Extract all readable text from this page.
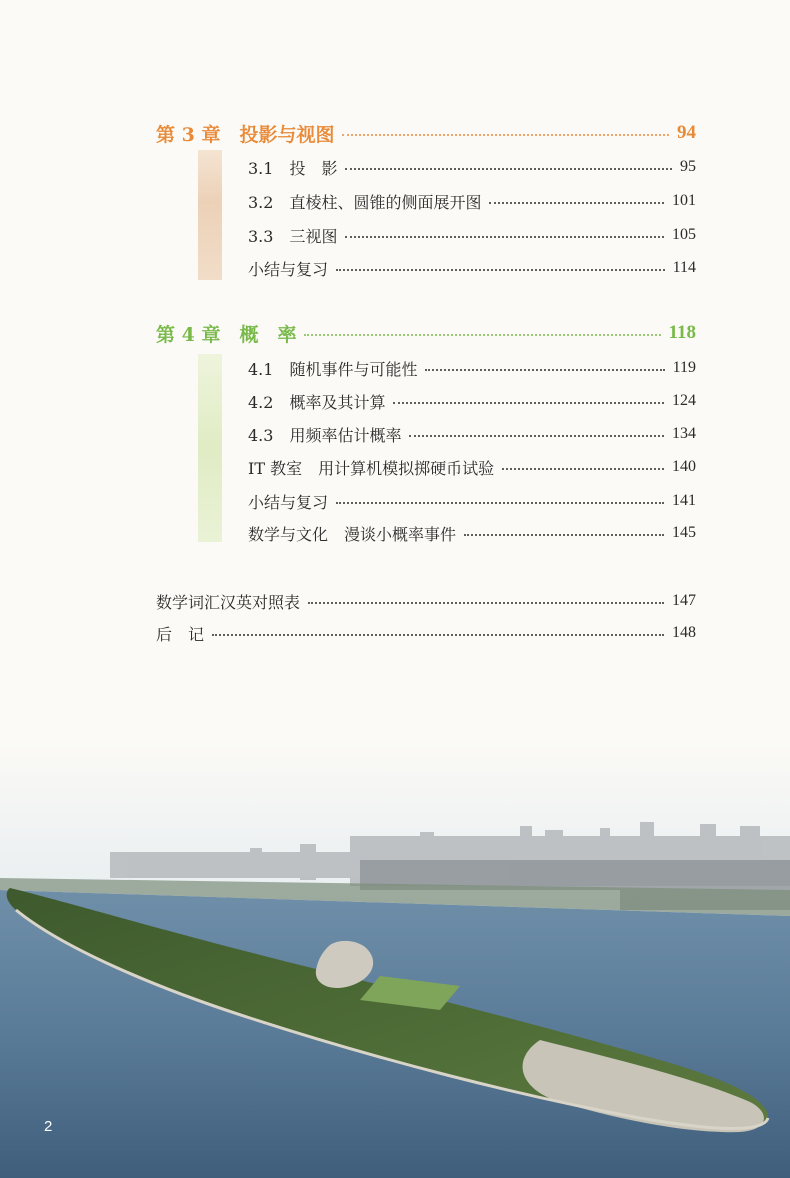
第 3 章　投影与视图	94
3.1　投　影	95
3.2　直棱柱、圆锥的侧面展开图	101
3.3　三视图	105
小结与复习	114
第 4 章　概　率	118
4.1　随机事件与可能性	119
4.2　概率及其计算	124
4.3　用频率估计概率	134
IT 教室　用计算机模拟掷硬币试验	140
小结与复习	141
数学与文化　漫谈小概率事件	145
数学词汇汉英对照表	147
后　记	148
2
